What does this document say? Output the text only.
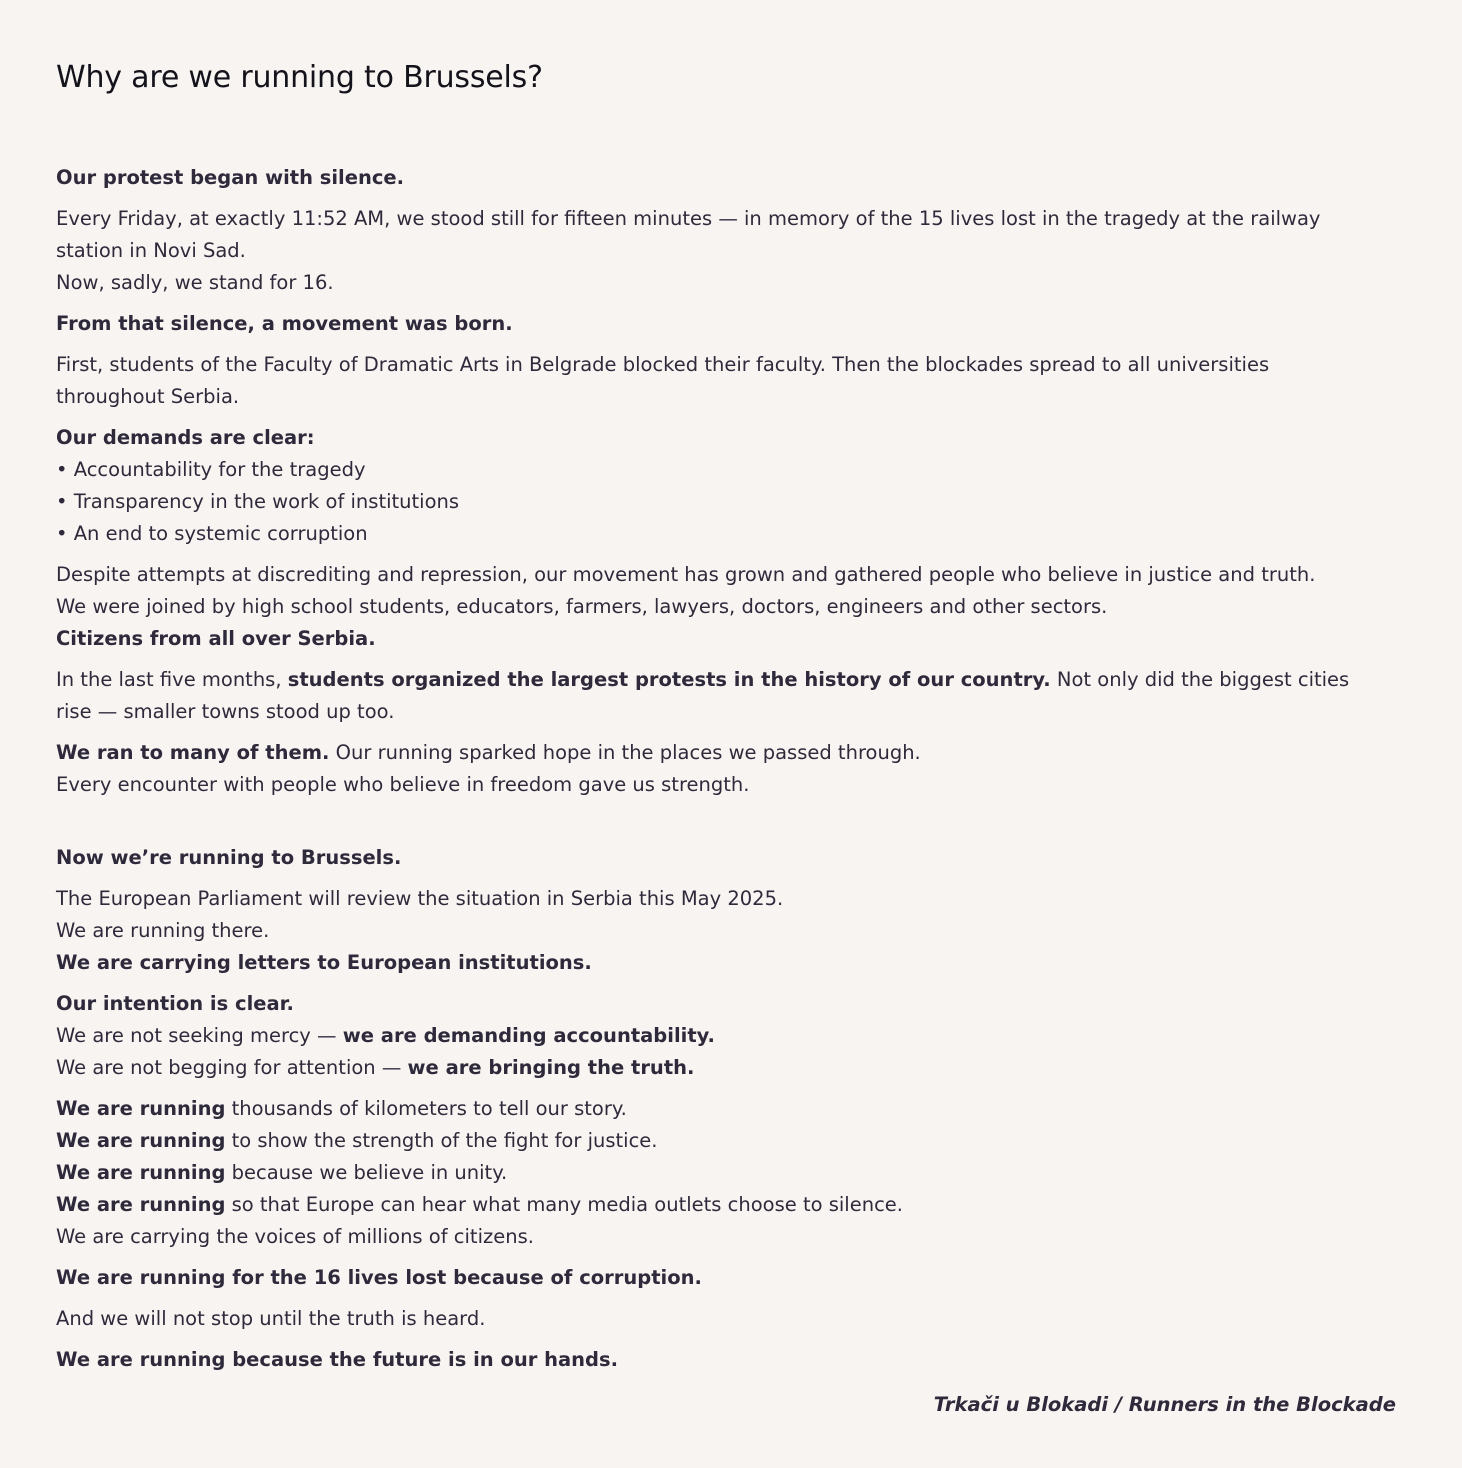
Why are we running to Brussels?
Our protest began with silence.
Every Friday, at exactly 11:52 AM, we stood still for fifteen minutes — in memory of the 15 lives lost in the tragedy at the railway
station in Novi Sad.
Now, sadly, we stand for 16.
From that silence, a movement was born.
First, students of the Faculty of Dramatic Arts in Belgrade blocked their faculty. Then the blockades spread to all universities
throughout Serbia.
Our demands are clear:
• Accountability for the tragedy
• Transparency in the work of institutions
• An end to systemic corruption
Despite attempts at discrediting and repression, our movement has grown and gathered people who believe in justice and truth.
We were joined by high school students, educators, farmers, lawyers, doctors, engineers and other sectors.
Citizens from all over Serbia.
In the last five months, students organized the largest protests in the history of our country. Not only did the biggest cities
rise — smaller towns stood up too.
We ran to many of them. Our running sparked hope in the places we passed through.
Every encounter with people who believe in freedom gave us strength.
Now we’re running to Brussels.
The European Parliament will review the situation in Serbia this May 2025.
We are running there.
We are carrying letters to European institutions.
Our intention is clear.
We are not seeking mercy — we are demanding accountability.
We are not begging for attention — we are bringing the truth.
We are running thousands of kilometers to tell our story.
We are running to show the strength of the fight for justice.
We are running because we believe in unity.
We are running so that Europe can hear what many media outlets choose to silence.
We are carrying the voices of millions of citizens.
We are running for the 16 lives lost because of corruption.
And we will not stop until the truth is heard.
We are running because the future is in our hands.
Trkači u Blokadi / Runners in the Blockade
